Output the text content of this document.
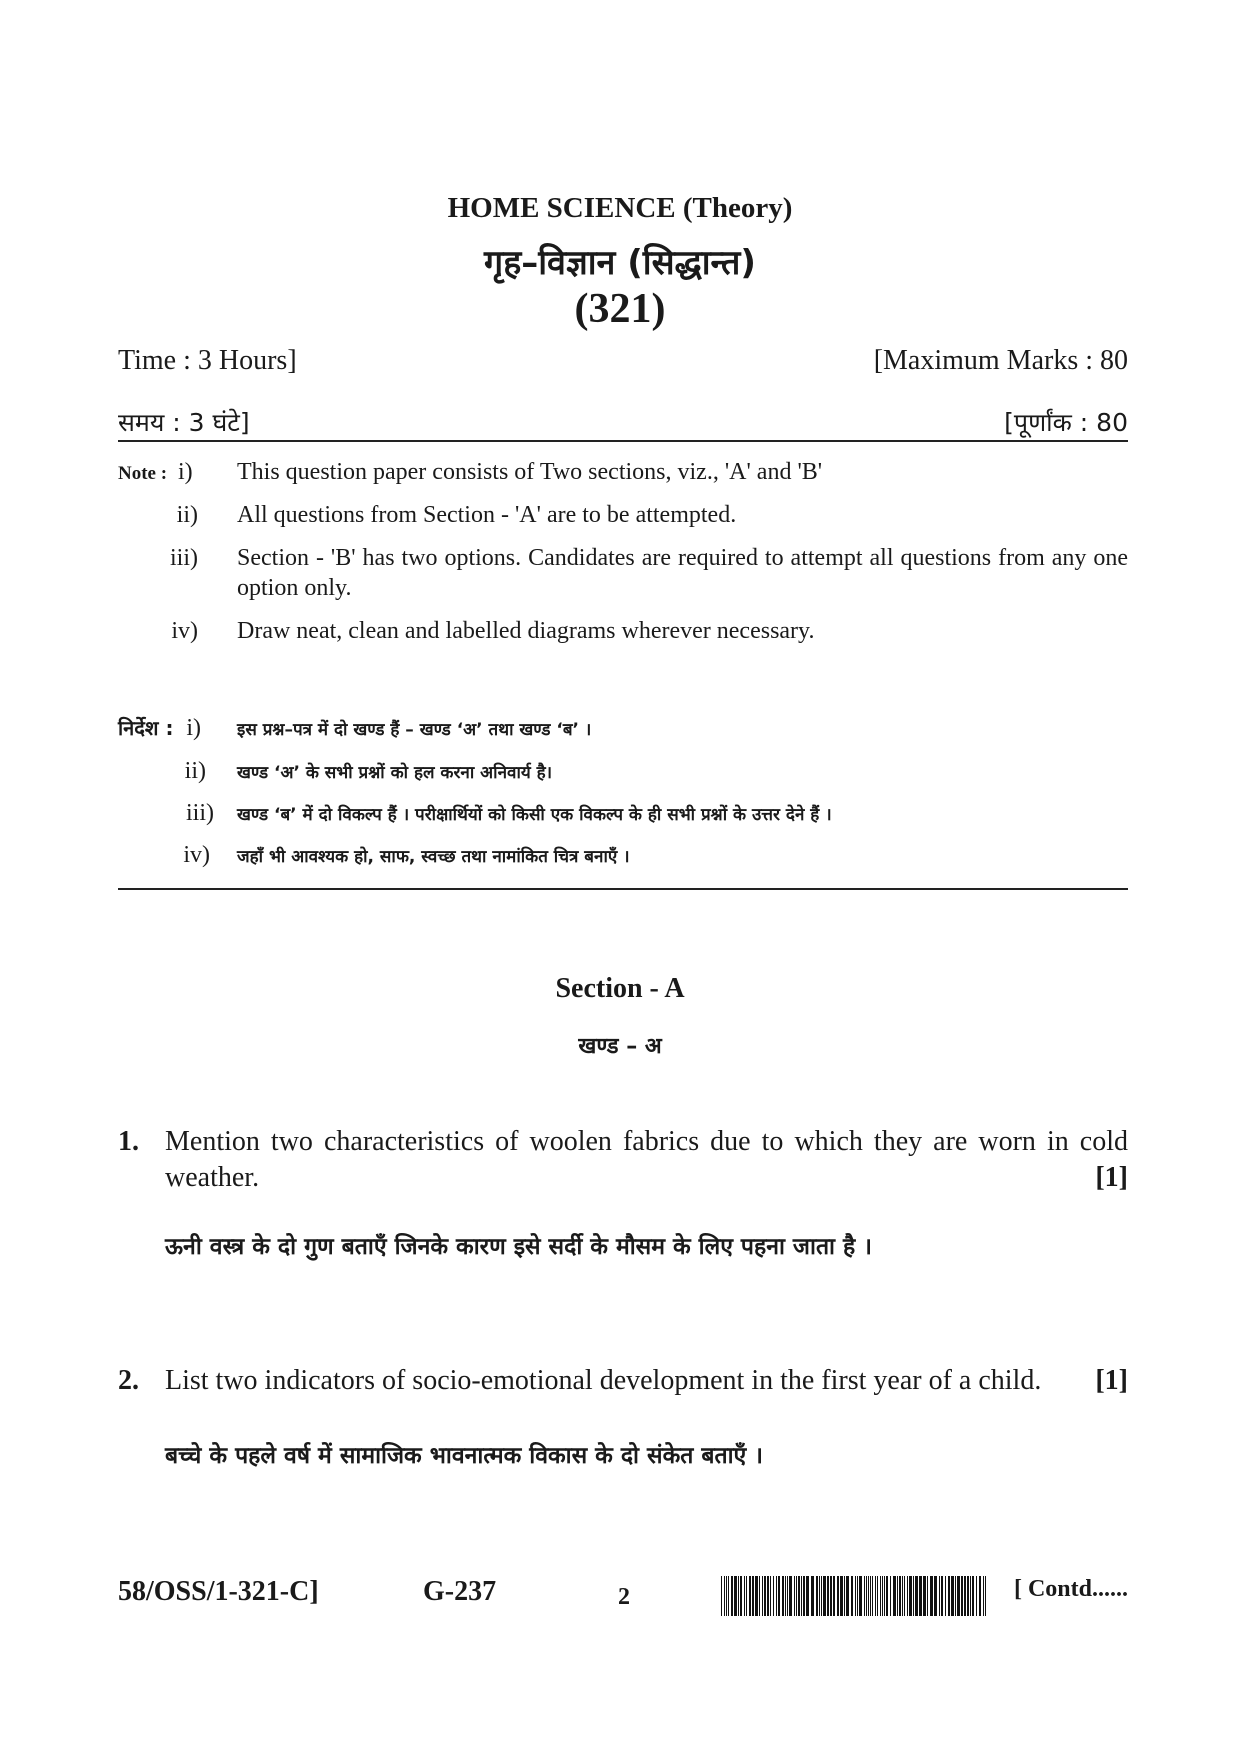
HOME SCIENCE (Theory)
गृह–विज्ञान (सिद्धान्त)
(321)
Time : 3 Hours]	[Maximum Marks : 80
समय : 3 घंटे]	[पूर्णांक : 80
Note : i) This question paper consists of Two sections, viz., 'A' and 'B'
ii) All questions from Section - 'A' are to be attempted.
iii) Section - 'B' has two options. Candidates are required to attempt all questions from any one option only.
iv) Draw neat, clean and labelled diagrams wherever necessary.
निर्देश : i) इस प्रश्न–पत्र में दो खण्ड हैं – खण्ड ‘अ’ तथा खण्ड ‘ब’ ।
ii) खण्ड ‘अ’ के सभी प्रश्नों को हल करना अनिवार्य है।
iii) खण्ड ‘ब’ में दो विकल्प हैं । परीक्षार्थियों को किसी एक विकल्प के ही सभी प्रश्नों के उत्तर देने हैं ।
iv) जहाँ भी आवश्यक हो, साफ, स्वच्छ तथा नामांकित चित्र बनाएँ ।
Section - A
खण्ड – अ
1. Mention two characteristics of woolen fabrics due to which they are worn in cold weather.	[1]
ऊनी वस्त्र के दो गुण बताएँ जिनके कारण इसे सर्दी के मौसम के लिए पहना जाता है ।
2. List two indicators of socio-emotional development in the first year of a child. [1]
बच्चे के पहले वर्ष में सामाजिक भावनात्मक विकास के दो संकेत बताएँ ।
58/OSS/1-321-C]	G-237	2	[ Contd......
